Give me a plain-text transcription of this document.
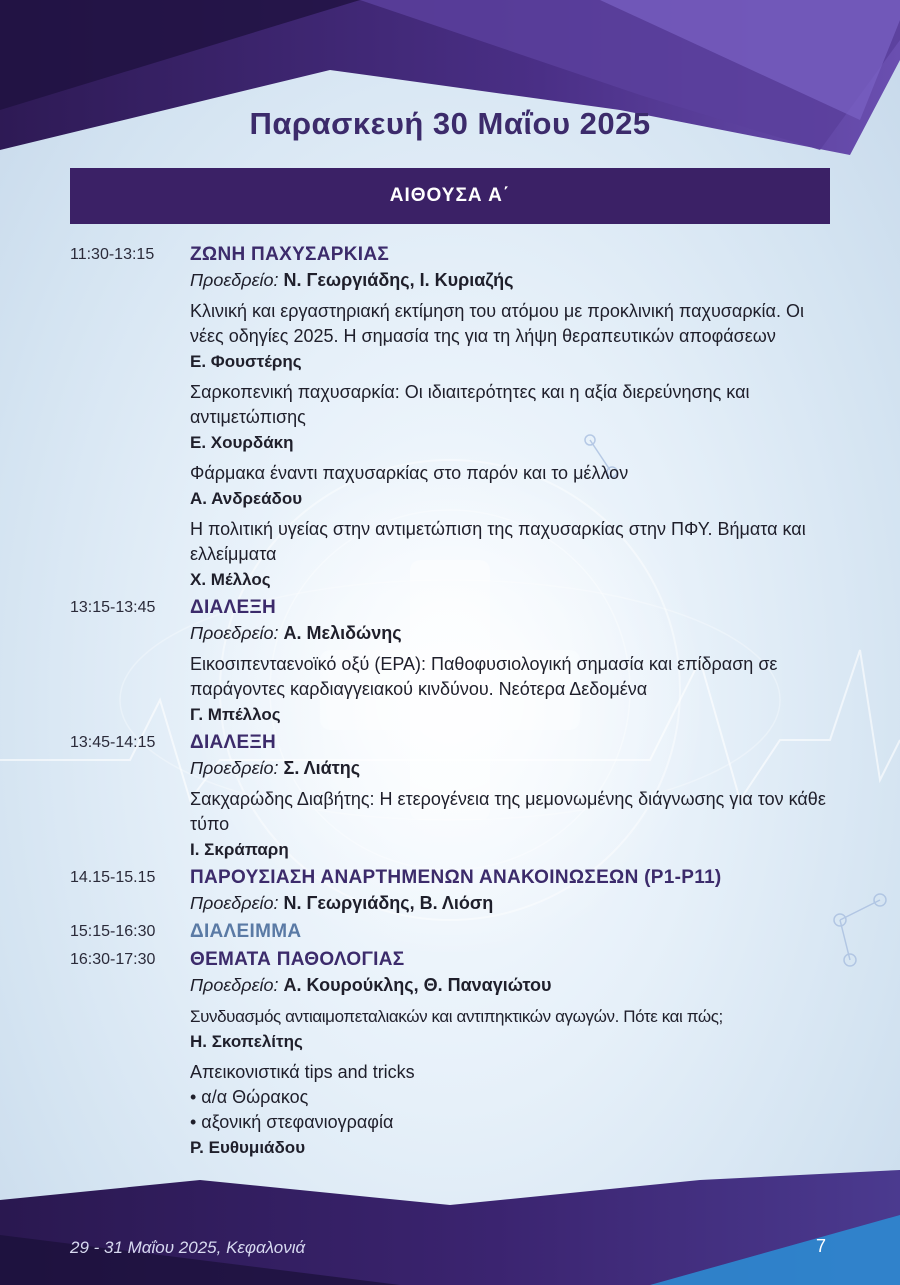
Παρασκευή 30 Μαΐου 2025
ΑΙΘΟΥΣΑ Α΄
11:30-13:15	ΖΩΝΗ ΠΑΧΥΣΑΡΚΙΑΣ
Προεδρείο: Ν. Γεωργιάδης, Ι. Κυριαζής
Κλινική και εργαστηριακή εκτίμηση του ατόμου με προκλινική παχυσαρκία. Οι νέες οδηγίες 2025. Η σημασία της για τη λήψη θεραπευτικών αποφάσεων
Ε. Φουστέρης
Σαρκοπενική παχυσαρκία: Οι ιδιαιτερότητες και η αξία διερεύνησης και αντιμετώπισης
Ε. Χουρδάκη
Φάρμακα έναντι παχυσαρκίας στο παρόν και το μέλλον
Α. Ανδρεάδου
Η πολιτική υγείας στην αντιμετώπιση της παχυσαρκίας στην ΠΦΥ. Βήματα και ελλείμματα
Χ. Μέλλος
13:15-13:45	ΔΙΑΛΕΞΗ
Προεδρείο: Α. Μελιδώνης
Εικοσιπενταενοϊκό οξύ (EPA): Παθοφυσιολογική σημασία και επίδραση σε παράγοντες καρδιαγγειακού κινδύνου. Νεότερα Δεδομένα
Γ. Μπέλλος
13:45-14:15	ΔΙΑΛΕΞΗ
Προεδρείο: Σ. Λιάτης
Σακχαρώδης Διαβήτης: Η ετερογένεια της μεμονωμένης διάγνωσης για τον κάθε τύπο
Ι. Σκράπαρη
14.15-15.15	ΠΑΡΟΥΣΙΑΣΗ ΑΝΑΡΤΗΜΕΝΩΝ ΑΝΑΚΟΙΝΩΣΕΩΝ (P1-P11)
Προεδρείο: Ν. Γεωργιάδης, Β. Λιόση
15:15-16:30	ΔΙΑΛΕΙΜΜΑ
16:30-17:30	ΘΕΜΑΤΑ ΠΑΘΟΛΟΓΙΑΣ
Προεδρείο: Α. Κουρούκλης, Θ. Παναγιώτου
Συνδυασμός αντιαιμοπεταλιακών και αντιπηκτικών αγωγών. Πότε και πώς;
Η. Σκοπελίτης
Απεικονιστικά tips and tricks
• α/α Θώρακος
• αξονική στεφανιογραφία
Ρ. Ευθυμιάδου
29 - 31 Μαΐου 2025, Κεφαλονιά	7
